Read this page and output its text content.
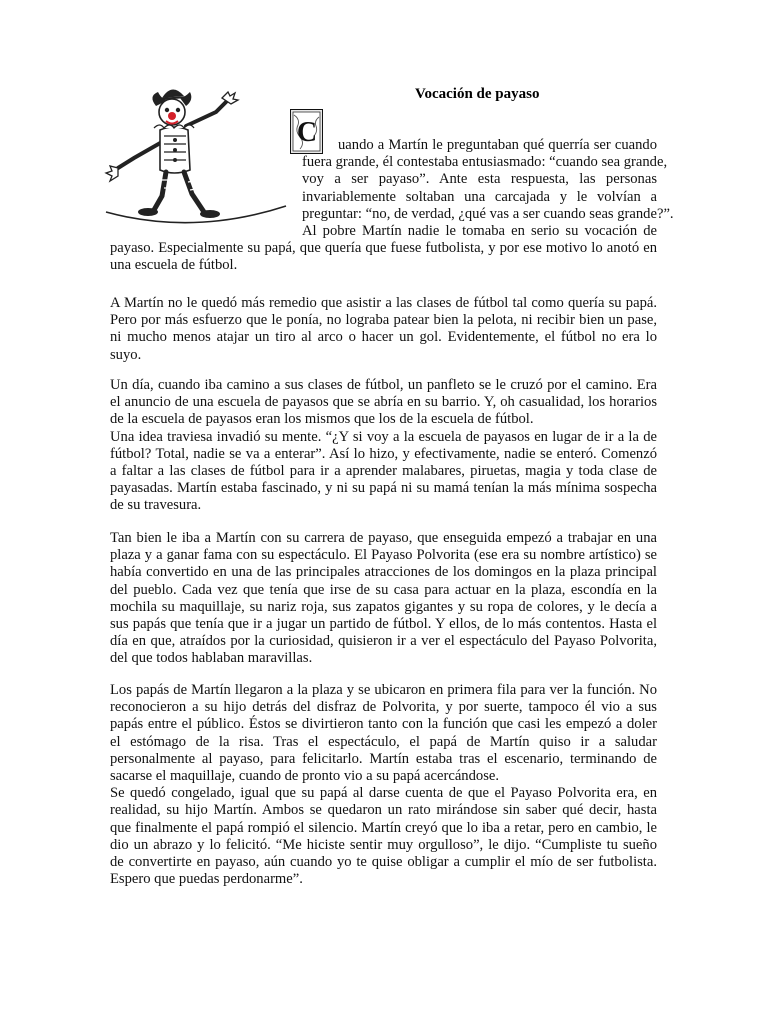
Vocación de payaso
C	uando a Martín le preguntaban qué querría ser cuando
fuera grande, él contestaba entusiasmado: “cuando sea grande,
voy a ser payaso”. Ante esta respuesta, las personas
invariablemente soltaban una carcajada y le volvían a
preguntar: “no, de verdad, ¿qué vas a ser cuando seas grande?”.
Al pobre Martín nadie le tomaba en serio su vocación de
payaso. Especialmente su papá, que quería que fuese futbolista, y por ese motivo lo anotó en
una escuela de fútbol.
A Martín no le quedó más remedio que asistir a las clases de fútbol tal como quería su papá.
Pero por más esfuerzo que le ponía, no lograba patear bien la pelota, ni recibir bien un pase,
ni mucho menos atajar un tiro al arco o hacer un gol. Evidentemente, el fútbol no era lo
suyo.
Un día, cuando iba camino a sus clases de fútbol, un panfleto se le cruzó por el camino. Era
el anuncio de una escuela de payasos que se abría en su barrio. Y, oh casualidad, los horarios
de la escuela de payasos eran los mismos que los de la escuela de fútbol.
Una idea traviesa invadió su mente. “¿Y si voy a la escuela de payasos en lugar de ir a la de
fútbol? Total, nadie se va a enterar”. Así lo hizo, y efectivamente, nadie se enteró. Comenzó
a faltar a las clases de fútbol para ir a aprender malabares, piruetas, magia y toda clase de
payasadas. Martín estaba fascinado, y ni su papá ni su mamá tenían la más mínima sospecha
de su travesura.
Tan bien le iba a Martín con su carrera de payaso, que enseguida empezó a trabajar en una
plaza y a ganar fama con su espectáculo. El Payaso Polvorita (ese era su nombre artístico) se
había convertido en una de las principales atracciones de los domingos en la plaza principal
del pueblo. Cada vez que tenía que irse de su casa para actuar en la plaza, escondía en la
mochila su maquillaje, su nariz roja, sus zapatos gigantes y su ropa de colores, y le decía a
sus papás que tenía que ir a jugar un partido de fútbol. Y ellos, de lo más contentos. Hasta el
día en que, atraídos por la curiosidad, quisieron ir a ver el espectáculo del Payaso Polvorita,
del que todos hablaban maravillas.
Los papás de Martín llegaron a la plaza y se ubicaron en primera fila para ver la función. No
reconocieron a su hijo detrás del disfraz de Polvorita, y por suerte, tampoco él vio a sus
papás entre el público. Éstos se divirtieron tanto con la función que casi les empezó a doler
el estómago de la risa. Tras el espectáculo, el papá de Martín quiso ir a saludar
personalmente al payaso, para felicitarlo. Martín estaba tras el escenario, terminando de
sacarse el maquillaje, cuando de pronto vio a su papá acercándose.
Se quedó congelado, igual que su papá al darse cuenta de que el Payaso Polvorita era, en
realidad, su hijo Martín. Ambos se quedaron un rato mirándose sin saber qué decir, hasta
que finalmente el papá rompió el silencio. Martín creyó que lo iba a retar, pero en cambio, le
dio un abrazo y lo felicitó. “Me hiciste sentir muy orgulloso”, le dijo. “Cumpliste tu sueño
de convertirte en payaso, aún cuando yo te quise obligar a cumplir el mío de ser futbolista.
Espero que puedas perdonarme”.
